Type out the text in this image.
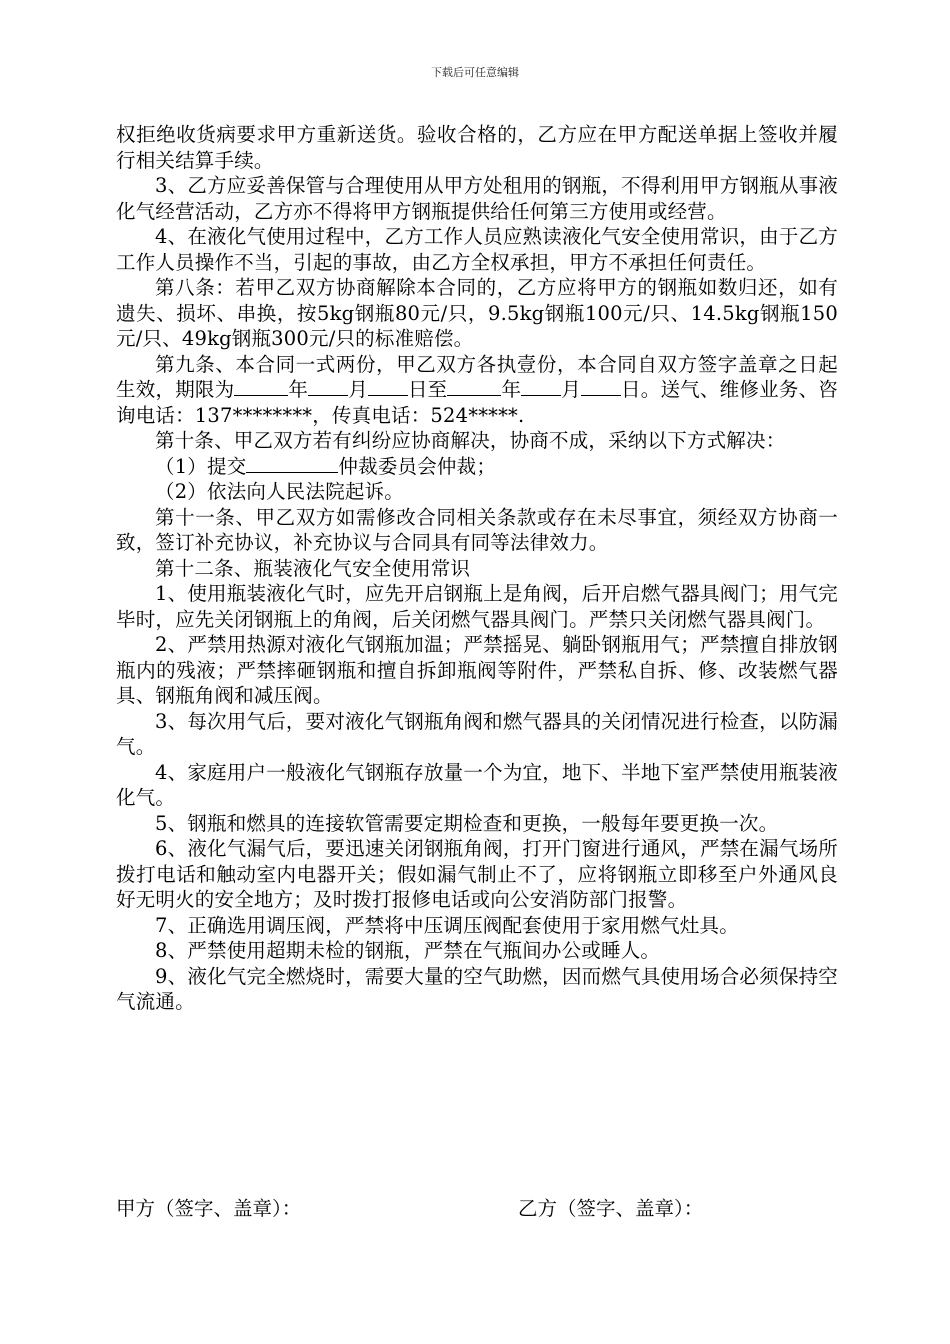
下载后可任意编辑

权拒绝收货病要求甲方重新送货。验收合格的，乙方应在甲方配送单据上签收并履行相关结算手续。

3、乙方应妥善保管与合理使用从甲方处租用的钢瓶，不得利用甲方钢瓶从事液化气经营活动，乙方亦不得将甲方钢瓶提供给任何第三方使用或经营。

4、在液化气使用过程中，乙方工作人员应熟读液化气安全使用常识，由于乙方工作人员操作不当，引起的事故，由乙方全权承担，甲方不承担任何责任。

第八条：若甲乙双方协商解除本合同的，乙方应将甲方的钢瓶如数归还，如有遗失、损坏、串换，按5kg钢瓶80元/只，9.5kg钢瓶100元/只、14.5kg钢瓶150元/只、49kg钢瓶300元/只的标准赔偿。

第九条、本合同一式两份，甲乙双方各执壹份，本合同自双方签字盖章之日起生效，期限为	年 月 日至	年 月 日。送气、维修业务、咨询电话：137********，传真电话：524*****.

第十条、甲乙双方若有纠纷应协商解决，协商不成，采纳以下方式解决：

（1）提交	仲裁委员会仲裁；

（2）依法向人民法院起诉。

第十一条、甲乙双方如需修改合同相关条款或存在未尽事宜，须经双方协商一致，签订补充协议，补充协议与合同具有同等法律效力。

第十二条、瓶装液化气安全使用常识

1、使用瓶装液化气时，应先开启钢瓶上是角阀，后开启燃气器具阀门；用气完毕时，应先关闭钢瓶上的角阀，后关闭燃气器具阀门。严禁只关闭燃气器具阀门。

2、严禁用热源对液化气钢瓶加温；严禁摇晃、躺卧钢瓶用气；严禁擅自排放钢瓶内的残液；严禁摔砸钢瓶和擅自拆卸瓶阀等附件，严禁私自拆、修、改装燃气器具、钢瓶角阀和减压阀。

3、每次用气后，要对液化气钢瓶角阀和燃气器具的关闭情况进行检查，以防漏气。

4、家庭用户一般液化气钢瓶存放量一个为宜，地下、半地下室严禁使用瓶装液化气。

5、钢瓶和燃具的连接软管需要定期检查和更换，一般每年要更换一次。

6、液化气漏气后，要迅速关闭钢瓶角阀，打开门窗进行通风，严禁在漏气场所拨打电话和触动室内电器开关；假如漏气制止不了，应将钢瓶立即移至户外通风良好无明火的安全地方；及时拨打报修电话或向公安消防部门报警。

7、正确选用调压阀，严禁将中压调压阀配套使用于家用燃气灶具。

8、严禁使用超期未检的钢瓶，严禁在气瓶间办公或睡人。

9、液化气完全燃烧时，需要大量的空气助燃，因而燃气具使用场合必须保持空气流通。

甲方（签字、盖章）：	乙方（签字、盖章）：
